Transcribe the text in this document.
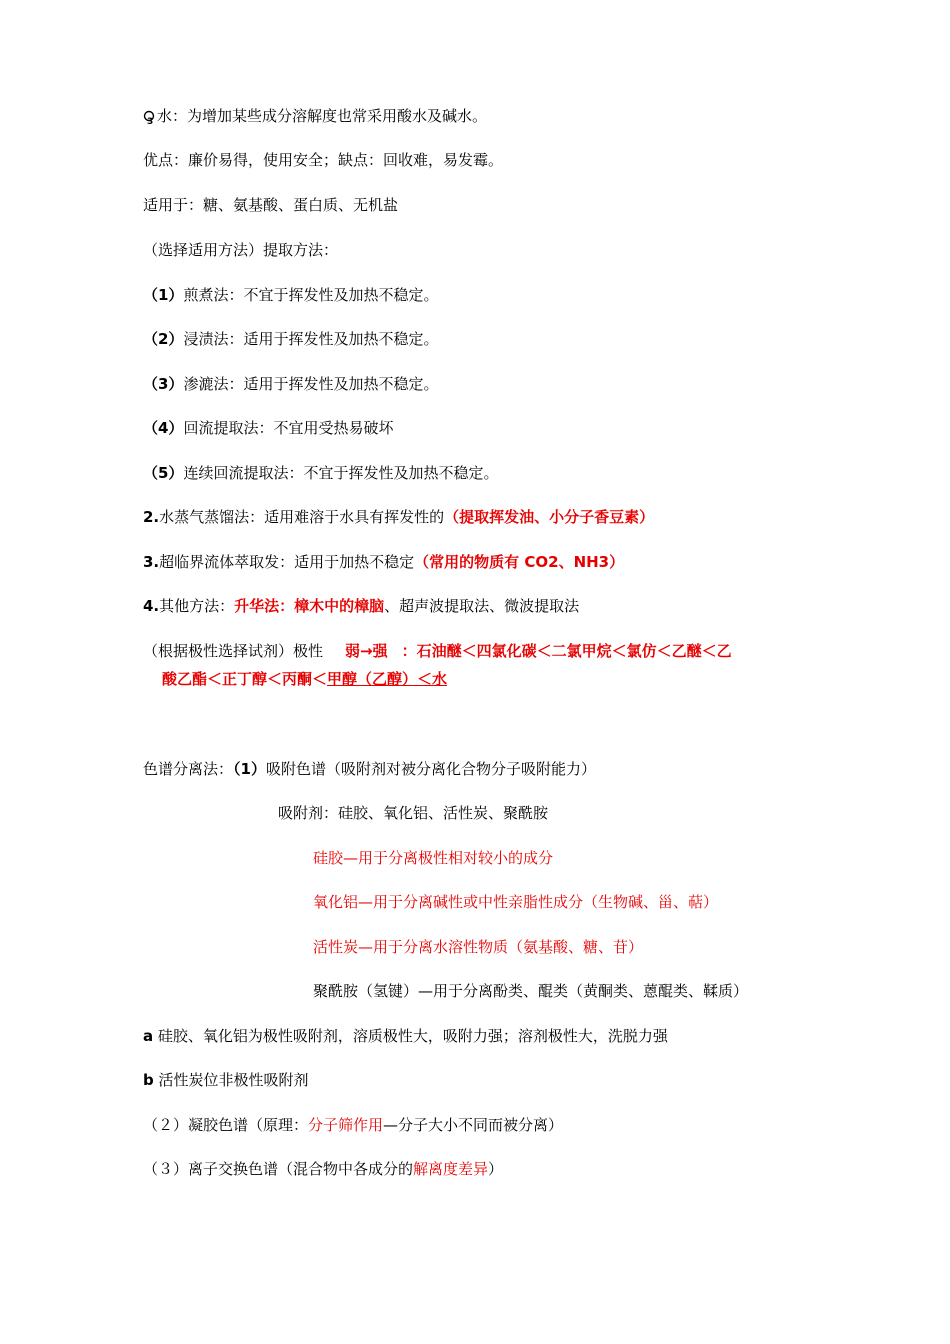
3 水：为增加某些成分溶解度也常采用酸水及碱水。
优点：廉价易得，使用安全；缺点：回收难，易发霉。
适用于：糖、氨基酸、蛋白质、无机盐
（选择适用方法）提取方法：
（1）煎煮法：不宜于挥发性及加热不稳定。
（2）浸渍法：适用于挥发性及加热不稳定。
（3）渗漉法：适用于挥发性及加热不稳定。
（4）回流提取法：不宜用受热易破坏
（5）连续回流提取法：不宜于挥发性及加热不稳定。
2.水蒸气蒸馏法：适用难溶于水具有挥发性的（提取挥发油、小分子香豆素）
3.超临界流体萃取发：适用于加热不稳定（常用的物质有 CO2、NH3）
4.其他方法：升华法：樟木中的樟脑、超声波提取法、微波提取法
（根据极性选择试剂）极性 弱→强 ：石油醚＜四氯化碳＜二氯甲烷＜氯仿＜乙醚＜乙
酸乙酯＜正丁醇＜丙酮＜甲醇（乙醇）＜水
色谱分离法：（1）吸附色谱（吸附剂对被分离化合物分子吸附能力）
吸附剂：硅胶、氧化铝、活性炭、聚酰胺
硅胶—用于分离极性相对较小的成分
氧化铝—用于分离碱性或中性亲脂性成分（生物碱、甾、萜）
活性炭—用于分离水溶性物质（氨基酸、糖、苷）
聚酰胺（氢键）—用于分离酚类、醌类（黄酮类、蒽醌类、鞣质）
a 硅胶、氧化铝为极性吸附剂，溶质极性大，吸附力强；溶剂极性大，洗脱力强
b 活性炭位非极性吸附剂
（２）凝胶色谱（原理：分子筛作用—分子大小不同而被分离）
（３）离子交换色谱（混合物中各成分的解离度差异）
